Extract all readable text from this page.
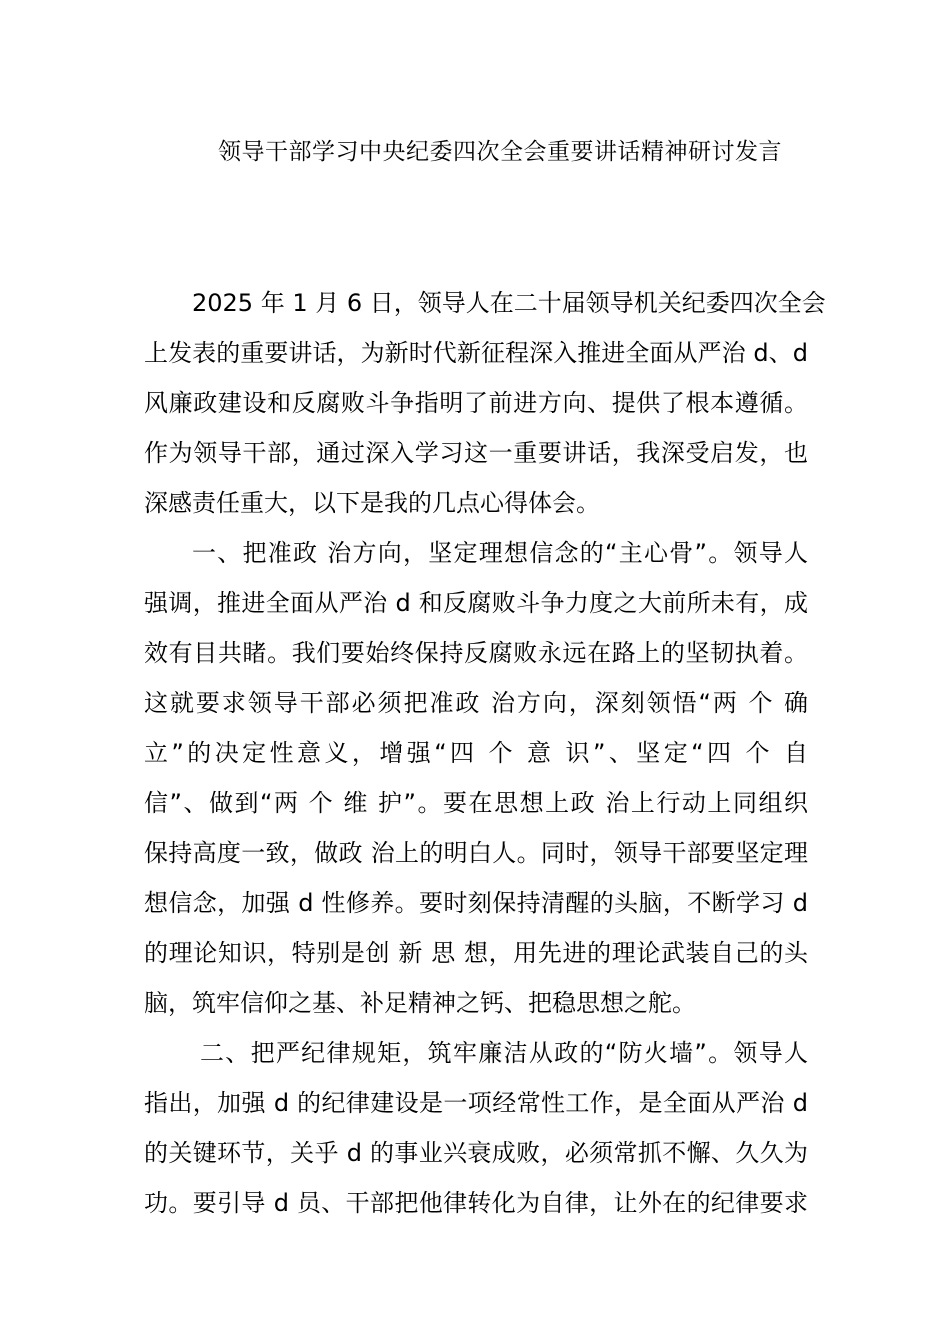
领导干部学习中央纪委四次全会重要讲话精神研讨发言
2025 年 1 月 6 日，领导人在二十届领导机关纪委四次全会
上发表的重要讲话，为新时代新征程深入推进全面从严治 d、d
风廉政建设和反腐败斗争指明了前进方向、提供了根本遵循。
作为领导干部，通过深入学习这一重要讲话，我深受启发，也
深感责任重大，以下是我的几点心得体会。
一、把准政 治方向，坚定理想信念的“主心骨”。领导人
强调，推进全面从严治 d 和反腐败斗争力度之大前所未有，成
效有目共睹。我们要始终保持反腐败永远在路上的坚韧执着。
这就要求领导干部必须把准政 治方向，深刻领悟“两 个 确
立”的决定性意义，增强“四 个 意 识”、坚定“四 个 自
信”、做到“两 个 维 护”。要在思想上政 治上行动上同组织
保持高度一致，做政 治上的明白人。同时，领导干部要坚定理
想信念，加强 d 性修养。要时刻保持清醒的头脑，不断学习 d
的理论知识，特别是创 新 思 想，用先进的理论武装自己的头
脑，筑牢信仰之基、补足精神之钙、把稳思想之舵。
二、把严纪律规矩，筑牢廉洁从政的“防火墙”。领导人
指出，加强 d 的纪律建设是一项经常性工作，是全面从严治 d
的关键环节，关乎 d 的事业兴衰成败，必须常抓不懈、久久为
功。要引导 d 员、干部把他律转化为自律，让外在的纪律要求
